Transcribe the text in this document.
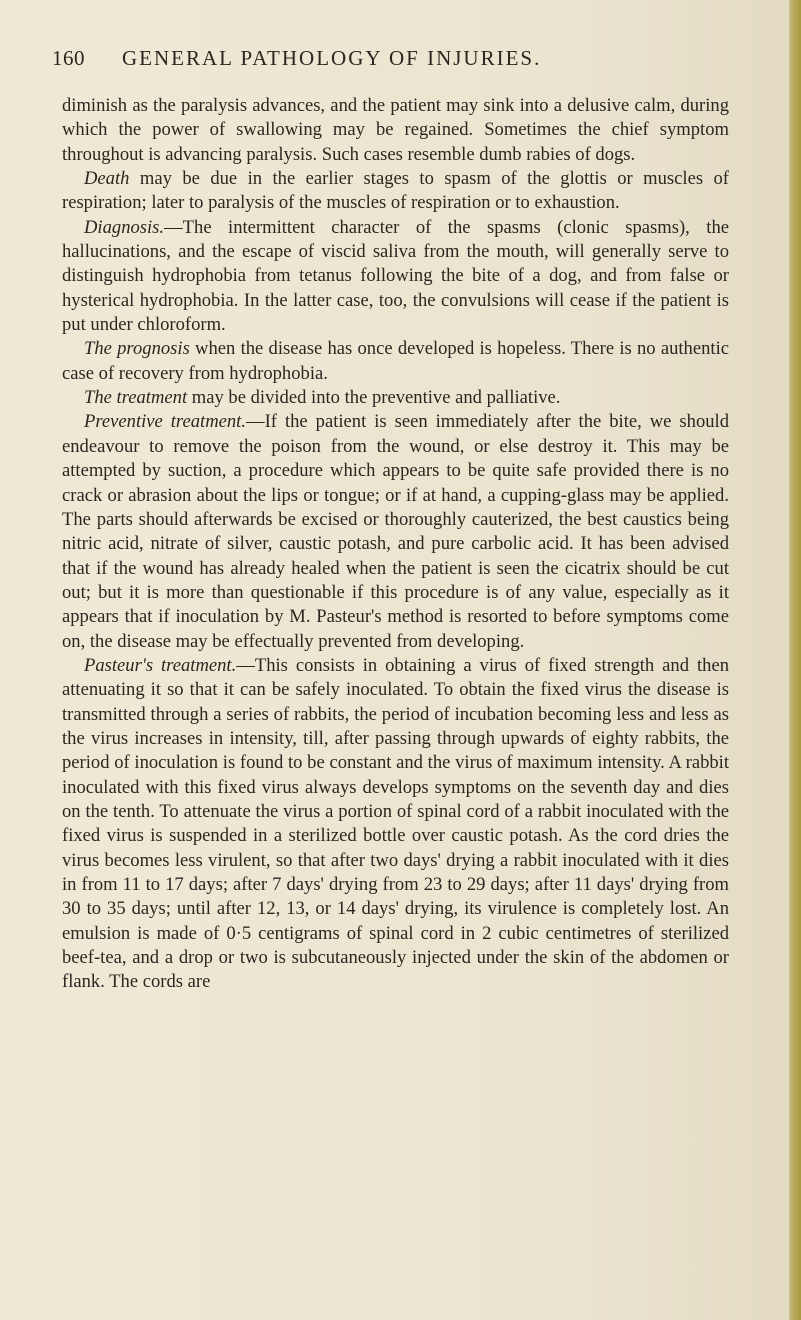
160	GENERAL PATHOLOGY OF INJURIES.

diminish as the paralysis advances, and the patient may sink into a delusive calm, during which the power of swallowing may be regained. Sometimes the chief symptom throughout is advancing paralysis. Such cases resemble dumb rabies of dogs.

Death may be due in the earlier stages to spasm of the glottis or muscles of respiration; later to paralysis of the muscles of respiration or to exhaustion.

Diagnosis.—The intermittent character of the spasms (clonic spasms), the hallucinations, and the escape of viscid saliva from the mouth, will generally serve to distinguish hydrophobia from tetanus following the bite of a dog, and from false or hysterical hydrophobia. In the latter case, too, the convulsions will cease if the patient is put under chloroform.

The prognosis when the disease has once developed is hopeless. There is no authentic case of recovery from hydrophobia.

The treatment may be divided into the preventive and palliative.

Preventive treatment.—If the patient is seen immediately after the bite, we should endeavour to remove the poison from the wound, or else destroy it. This may be attempted by suction, a procedure which appears to be quite safe provided there is no crack or abrasion about the lips or tongue; or if at hand, a cupping-glass may be applied. The parts should afterwards be excised or thoroughly cauterized, the best caustics being nitric acid, nitrate of silver, caustic potash, and pure carbolic acid. It has been advised that if the wound has already healed when the patient is seen the cicatrix should be cut out; but it is more than questionable if this procedure is of any value, especially as it appears that if inoculation by M. Pasteur's method is resorted to before symptoms come on, the disease may be effectually prevented from developing.

Pasteur's treatment.—This consists in obtaining a virus of fixed strength and then attenuating it so that it can be safely inoculated. To obtain the fixed virus the disease is transmitted through a series of rabbits, the period of incubation becoming less and less as the virus increases in intensity, till, after passing through upwards of eighty rabbits, the period of inoculation is found to be constant and the virus of maximum intensity. A rabbit inoculated with this fixed virus always develops symptoms on the seventh day and dies on the tenth. To attenuate the virus a portion of spinal cord of a rabbit inoculated with the fixed virus is suspended in a sterilized bottle over caustic potash. As the cord dries the virus becomes less virulent, so that after two days' drying a rabbit inoculated with it dies in from 11 to 17 days; after 7 days' drying from 23 to 29 days; after 11 days' drying from 30 to 35 days; until after 12, 13, or 14 days' drying, its virulence is completely lost. An emulsion is made of 0·5 centigrams of spinal cord in 2 cubic centimetres of sterilized beef-tea, and a drop or two is subcutaneously injected under the skin of the abdomen or flank. The cords are
